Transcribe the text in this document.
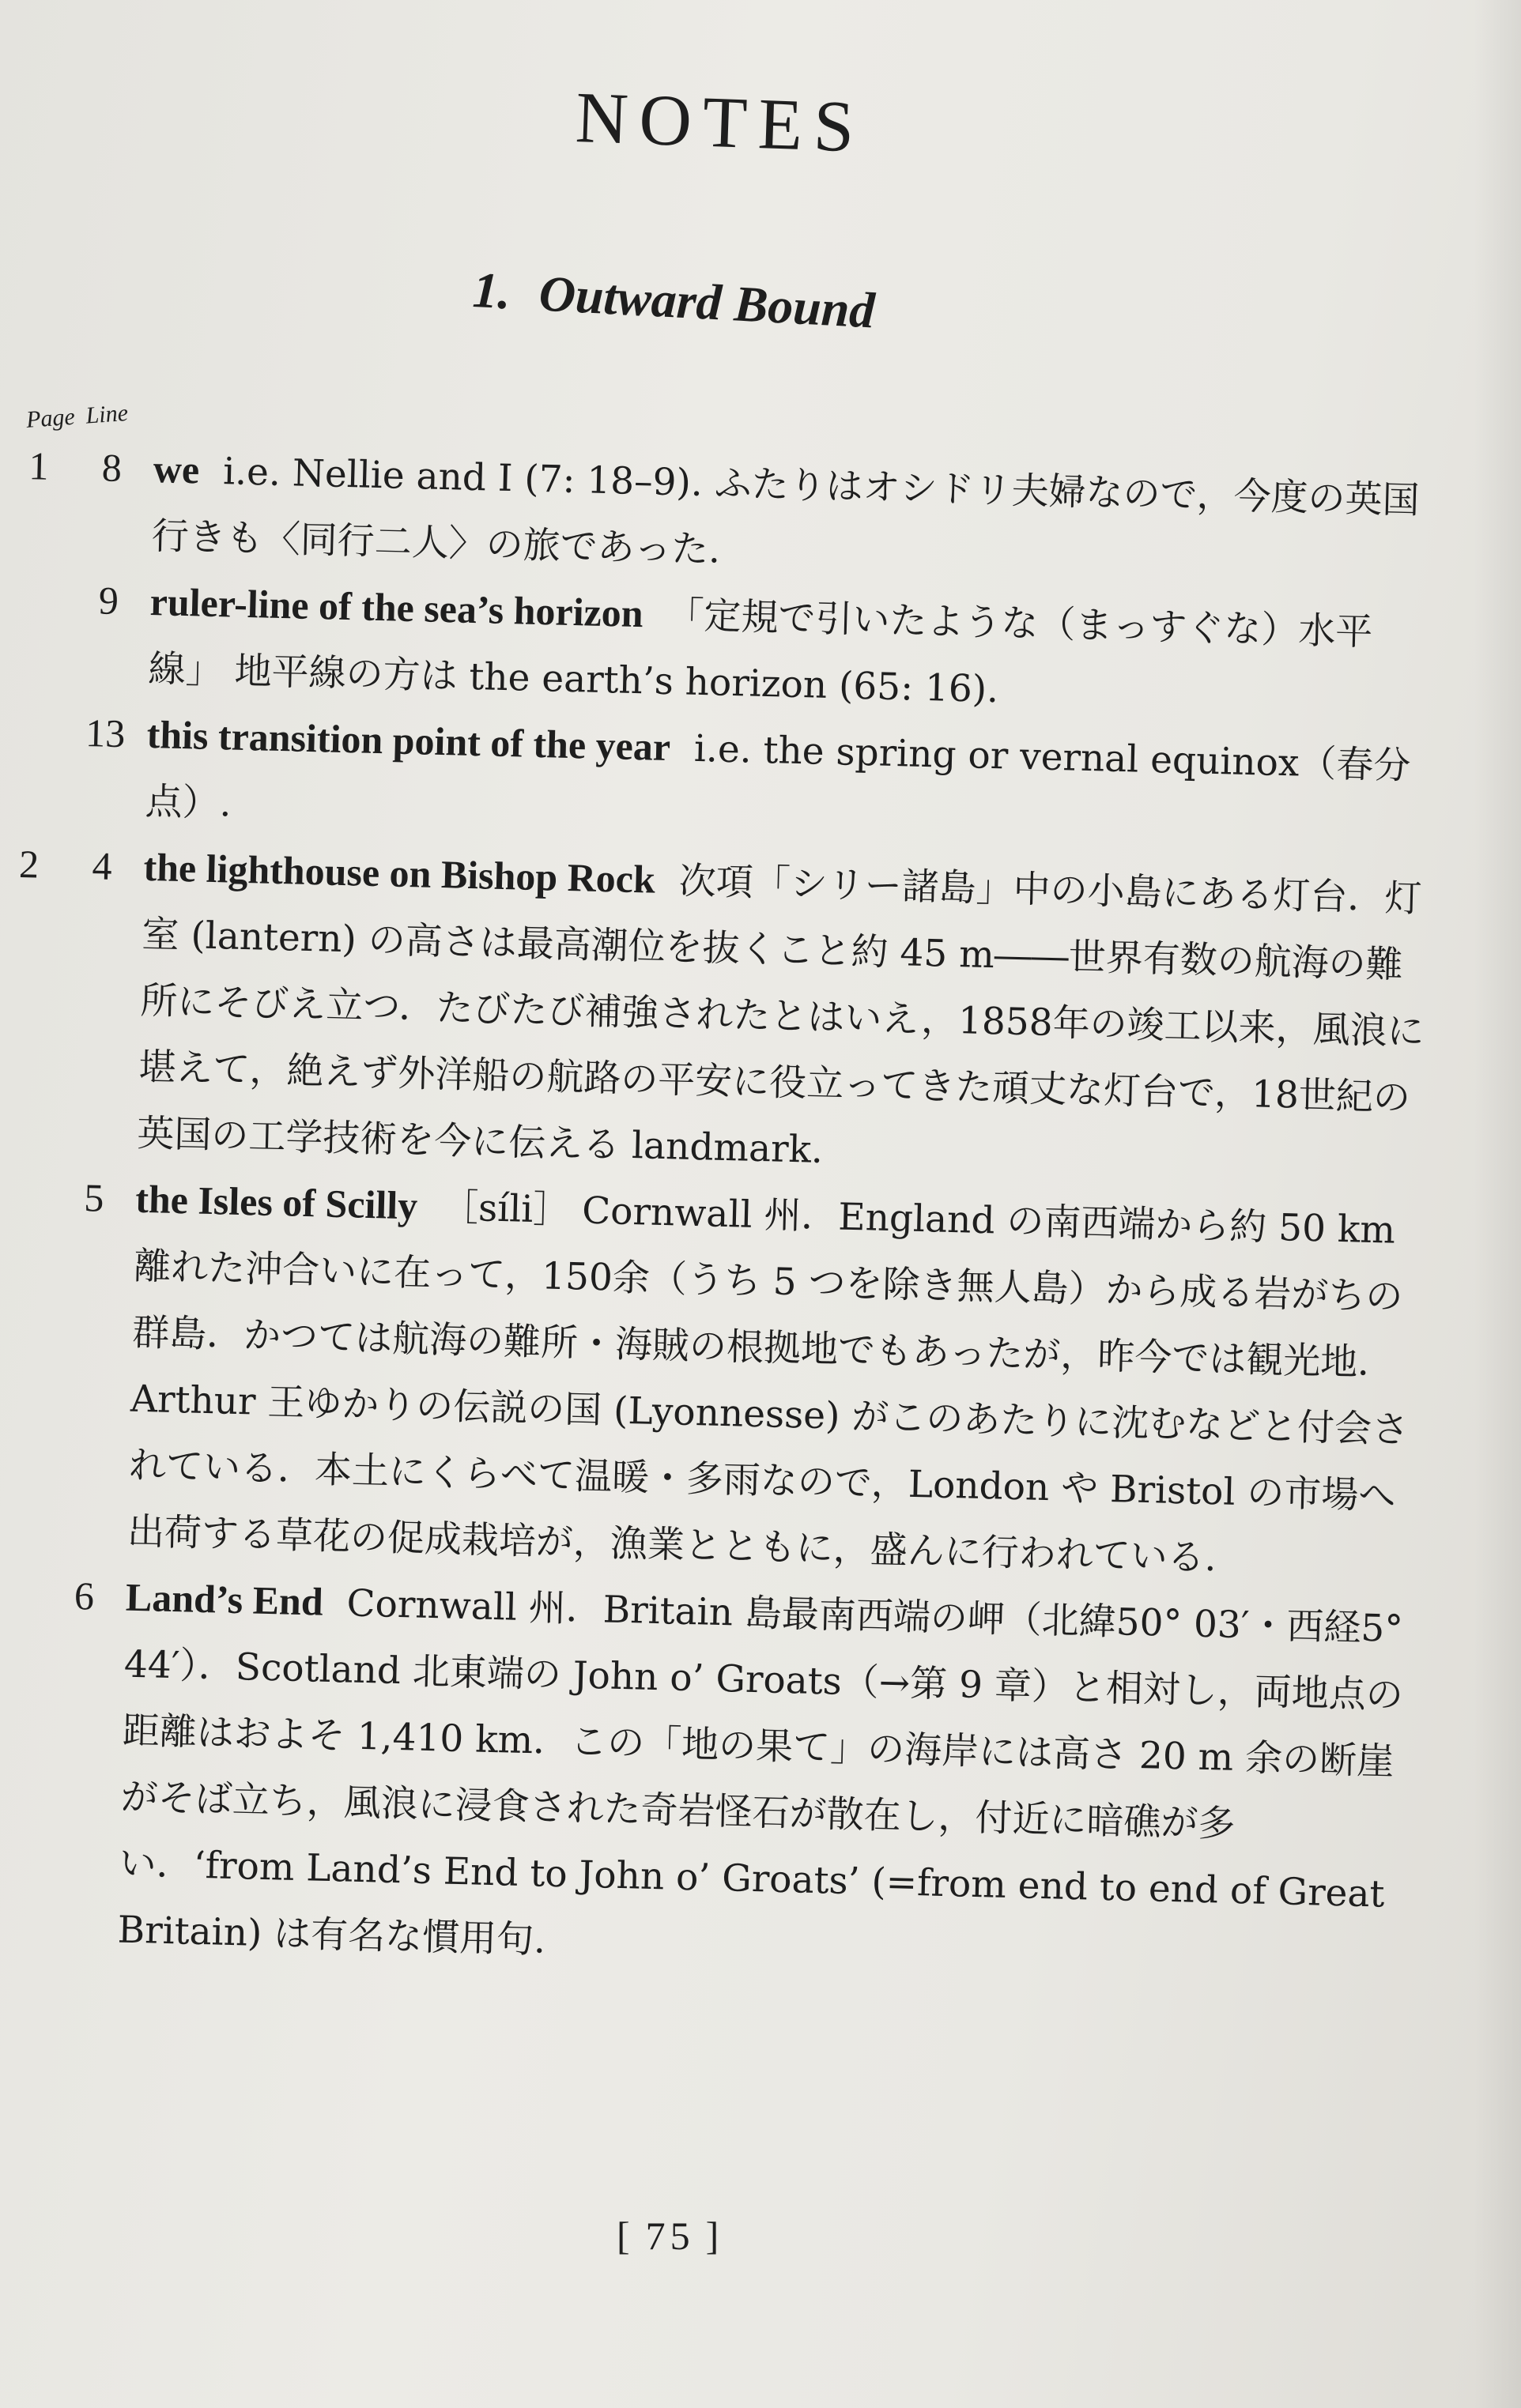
NOTES
1. Outward Bound
Page Line

1	8 we i.e. Nellie and I (7: 18–9). ふたりはオシドリ夫婦なので，今度の英国行きも〈同行二人〉の旅であった.

9 ruler-line of the sea’s horizon 「定規で引いたような（まっすぐな）水平線」 地平線の方は the earth’s horizon (65: 16).

13 this transition point of the year i.e. the spring or vernal equinox（春分点）.

2	4 the lighthouse on Bishop Rock 次項「シリー諸島」中の小島にある灯台．灯室 (lantern) の高さは最高潮位を抜くこと約 45 m――世界有数の航海の難所にそびえ立つ．たびたび補強されたとはいえ，1858年の竣工以来，風浪に堪えて，絶えず外洋船の航路の平安に役立ってきた頑丈な灯台で，18世紀の英国の工学技術を今に伝える landmark.

5 the Isles of Scilly ［síli］ Cornwall 州．England の南西端から約 50 km 離れた沖合いに在って，150余（うち 5 つを除き無人島）から成る岩がちの群島．かつては航海の難所・海賊の根拠地でもあったが，昨今では観光地．Arthur 王ゆかりの伝説の国 (Lyonnesse) がこのあたりに沈むなどと付会されている．本土にくらべて温暖・多雨なので，London や Bristol の市場へ出荷する草花の促成栽培が，漁業とともに，盛んに行われている.

6 Land’s End Cornwall 州．Britain 島最南西端の岬（北緯50° 03′・西経5° 44′）．Scotland 北東端の John o’ Groats（→第 9 章）と相対し，両地点の距離はおよそ 1,410 km．この「地の果て」の海岸には高さ 20 m 余の断崖がそば立ち，風浪に浸食された奇岩怪石が散在し，付近に暗礁が多い．‘from Land’s End to John o’ Groats’ (=from end to end of Great Britain) は有名な慣用句.

[ 75 ]
